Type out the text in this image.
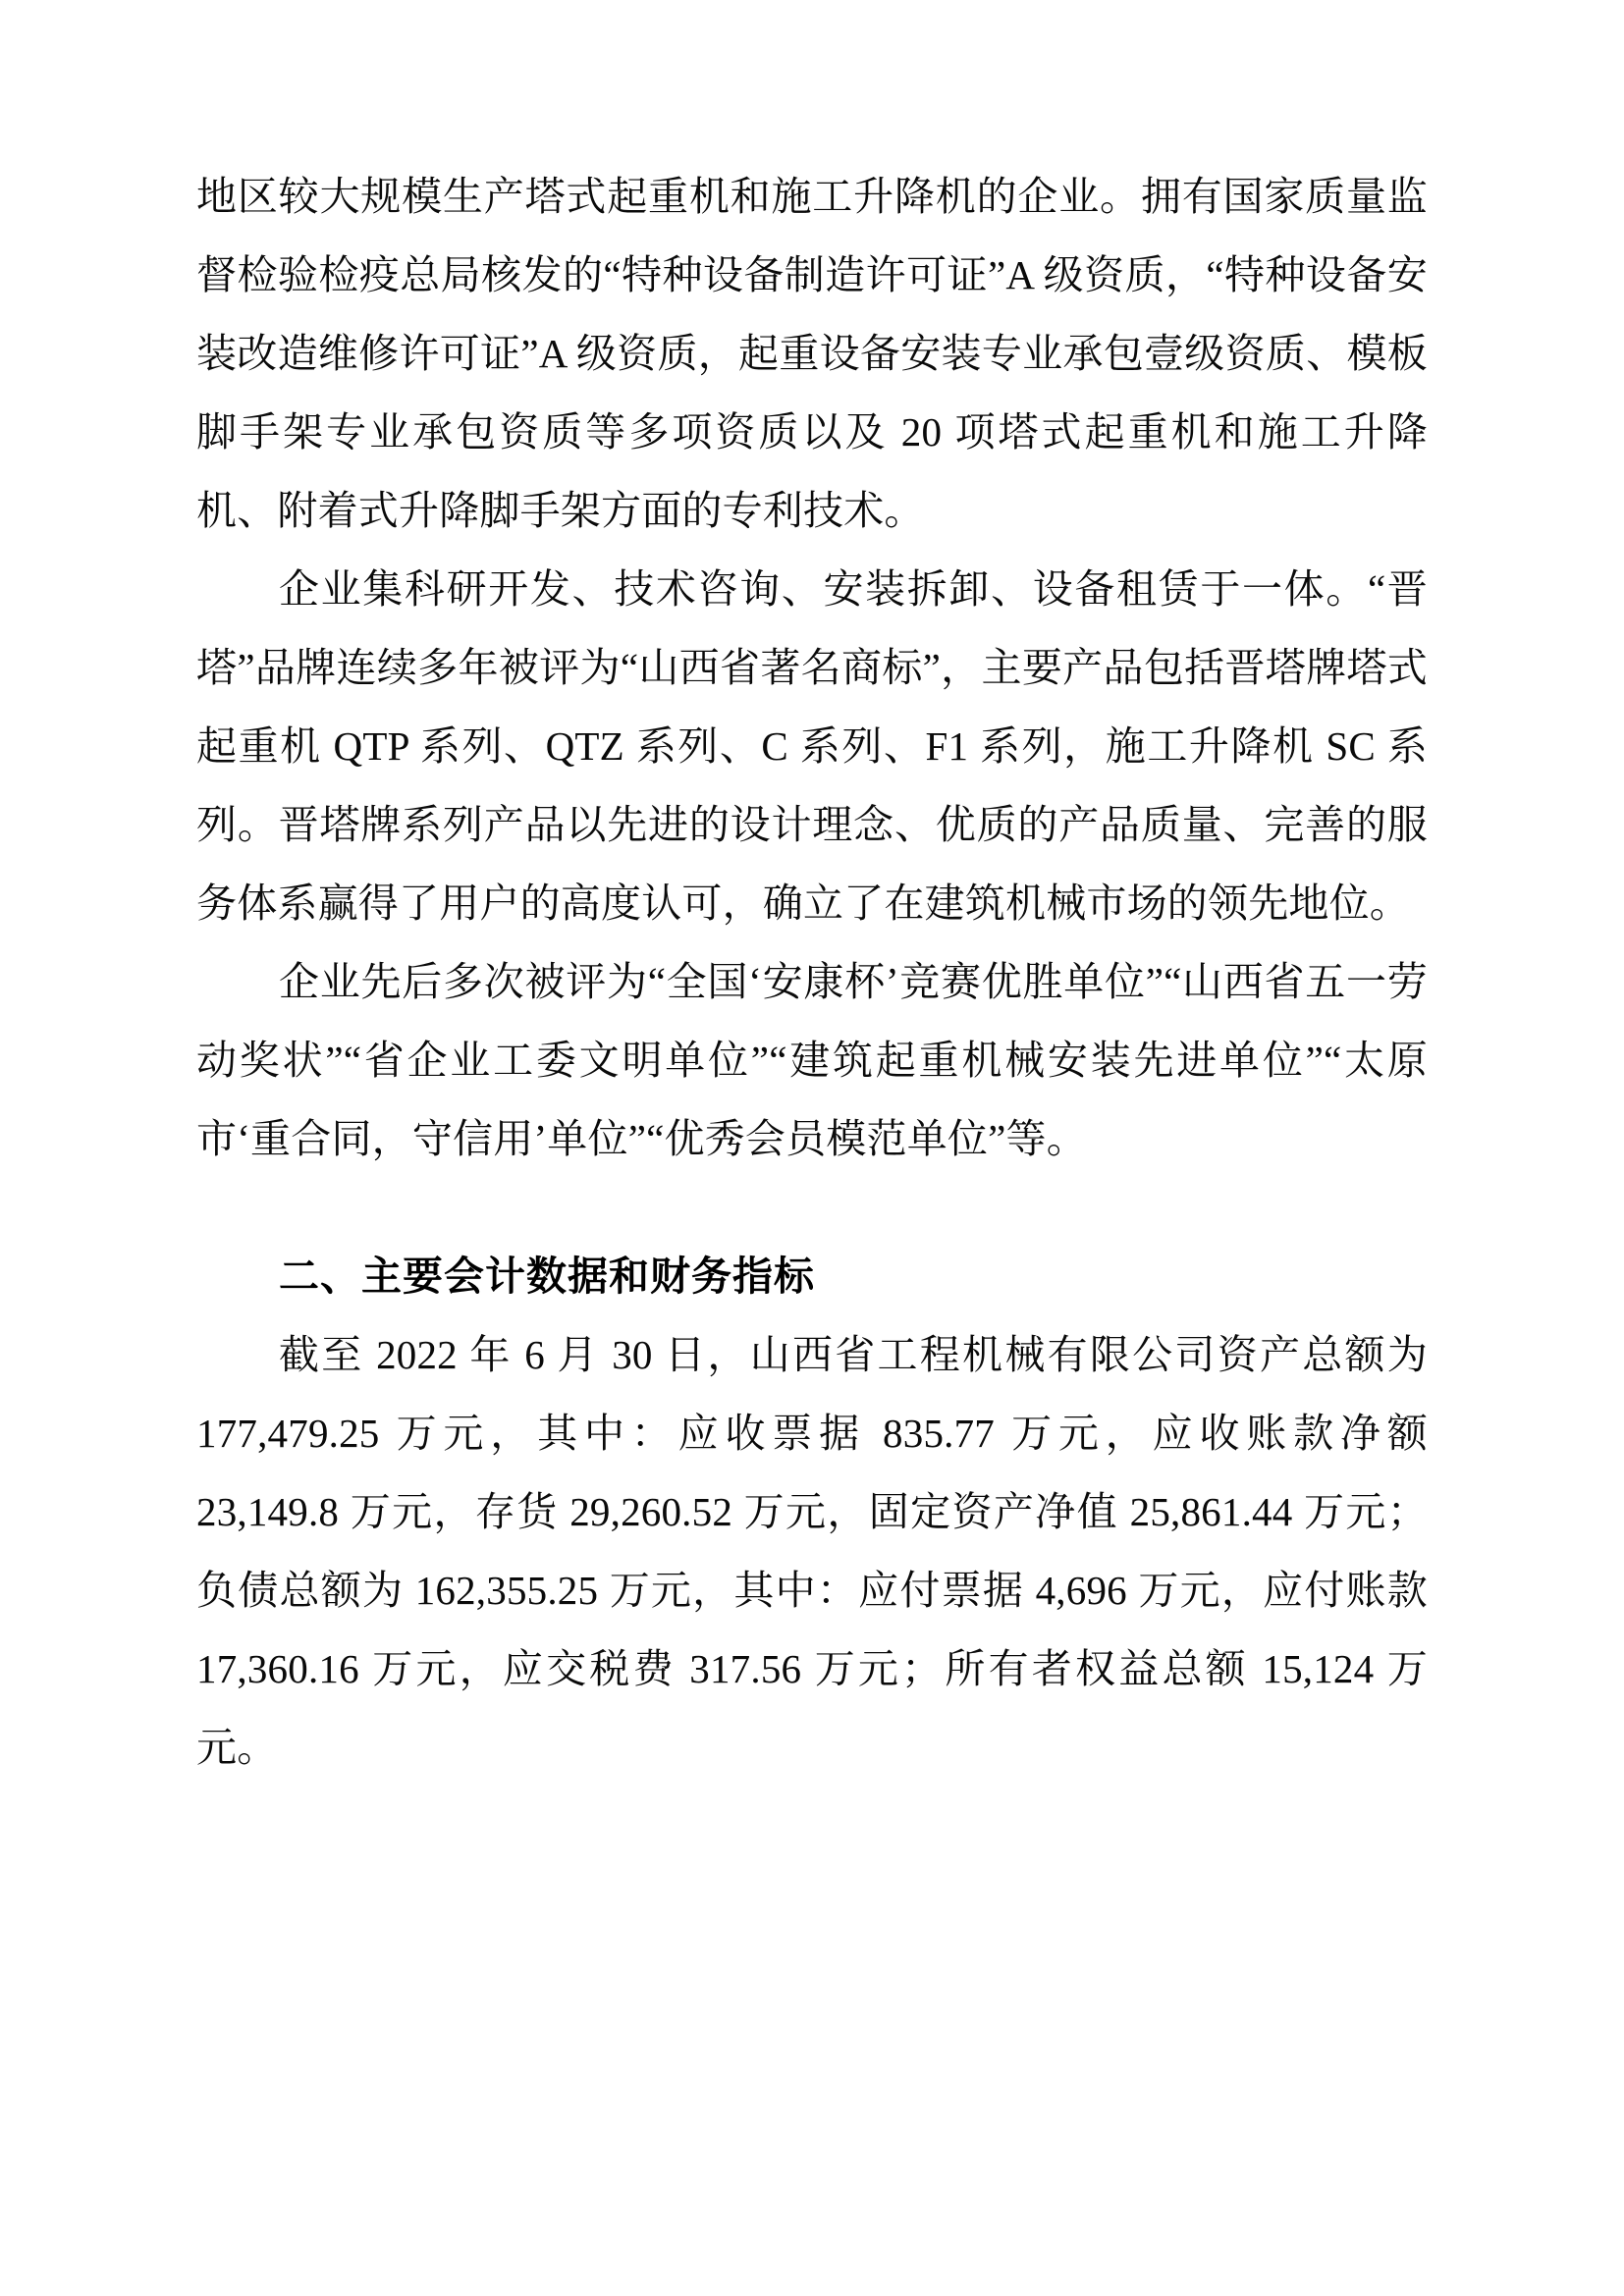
地区较大规模生产塔式起重机和施工升降机的企业。拥有国家质量监督检验检疫总局核发的“特种设备制造许可证”A 级资质，“特种设备安装改造维修许可证”A 级资质，起重设备安装专业承包壹级资质、模板脚手架专业承包资质等多项资质以及 20 项塔式起重机和施工升降机、附着式升降脚手架方面的专利技术。

企业集科研开发、技术咨询、安装拆卸、设备租赁于一体。“晋塔”品牌连续多年被评为“山西省著名商标”，主要产品包括晋塔牌塔式起重机 QTP 系列、QTZ 系列、C 系列、F1 系列，施工升降机 SC 系列。晋塔牌系列产品以先进的设计理念、优质的产品质量、完善的服务体系赢得了用户的高度认可，确立了在建筑机械市场的领先地位。

企业先后多次被评为“全国‘安康杯’竞赛优胜单位”“山西省五一劳动奖状”“省企业工委文明单位”“建筑起重机械安装先进单位”“太原市‘重合同，守信用’单位”“优秀会员模范单位”等。

二、主要会计数据和财务指标

截至 2022 年 6 月 30 日，山西省工程机械有限公司资产总额为 177,479.25 万元，其中：应收票据 835.77 万元，应收账款净额 23,149.8 万元，存货 29,260.52 万元，固定资产净值 25,861.44 万元；负债总额为 162,355.25 万元，其中：应付票据 4,696 万元，应付账款 17,360.16 万元，应交税费 317.56 万元；所有者权益总额 15,124 万元。
